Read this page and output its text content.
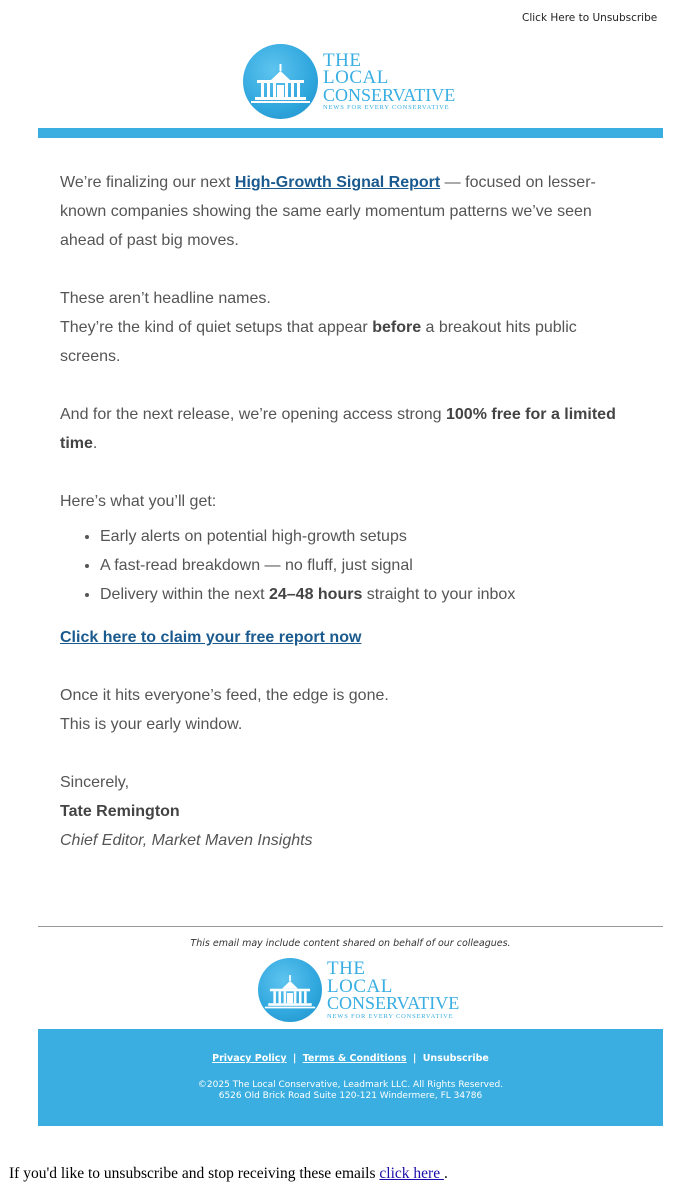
Click Here to Unsubscribe
THE
LOCAL
CONSERVATIVE
NEWS FOR EVERY CONSERVATIVE

We’re finalizing our next High-Growth Signal Report — focused on lesser-known companies showing the same early momentum patterns we’ve seen ahead of past big moves.

These aren’t headline names.

They’re the kind of quiet setups that appear before a breakout hits public screens.

And for the next release, we’re opening access strong 100% free for a limited time.

Here’s what you’ll get:

• Early alerts on potential high-growth setups
• A fast-read breakdown — no fluff, just signal
• Delivery within the next 24–48 hours straight to your inbox
Click here to claim your free report now

Once it hits everyone’s feed, the edge is gone.

This is your early window.

Sincerely,

Tate Remington

Chief Editor, Market Maven Insights

This email may include content shared on behalf of our colleagues.
THE
LOCAL
CONSERVATIVE
NEWS FOR EVERY CONSERVATIVE
Privacy Policy | Terms & Conditions | Unsubscribe
©2025 The Local Conservative, Leadmark LLC. All Rights Reserved.
6526 Old Brick Road Suite 120-121 Windermere, FL 34786
If you'd like to unsubscribe and stop receiving these emails click here .
